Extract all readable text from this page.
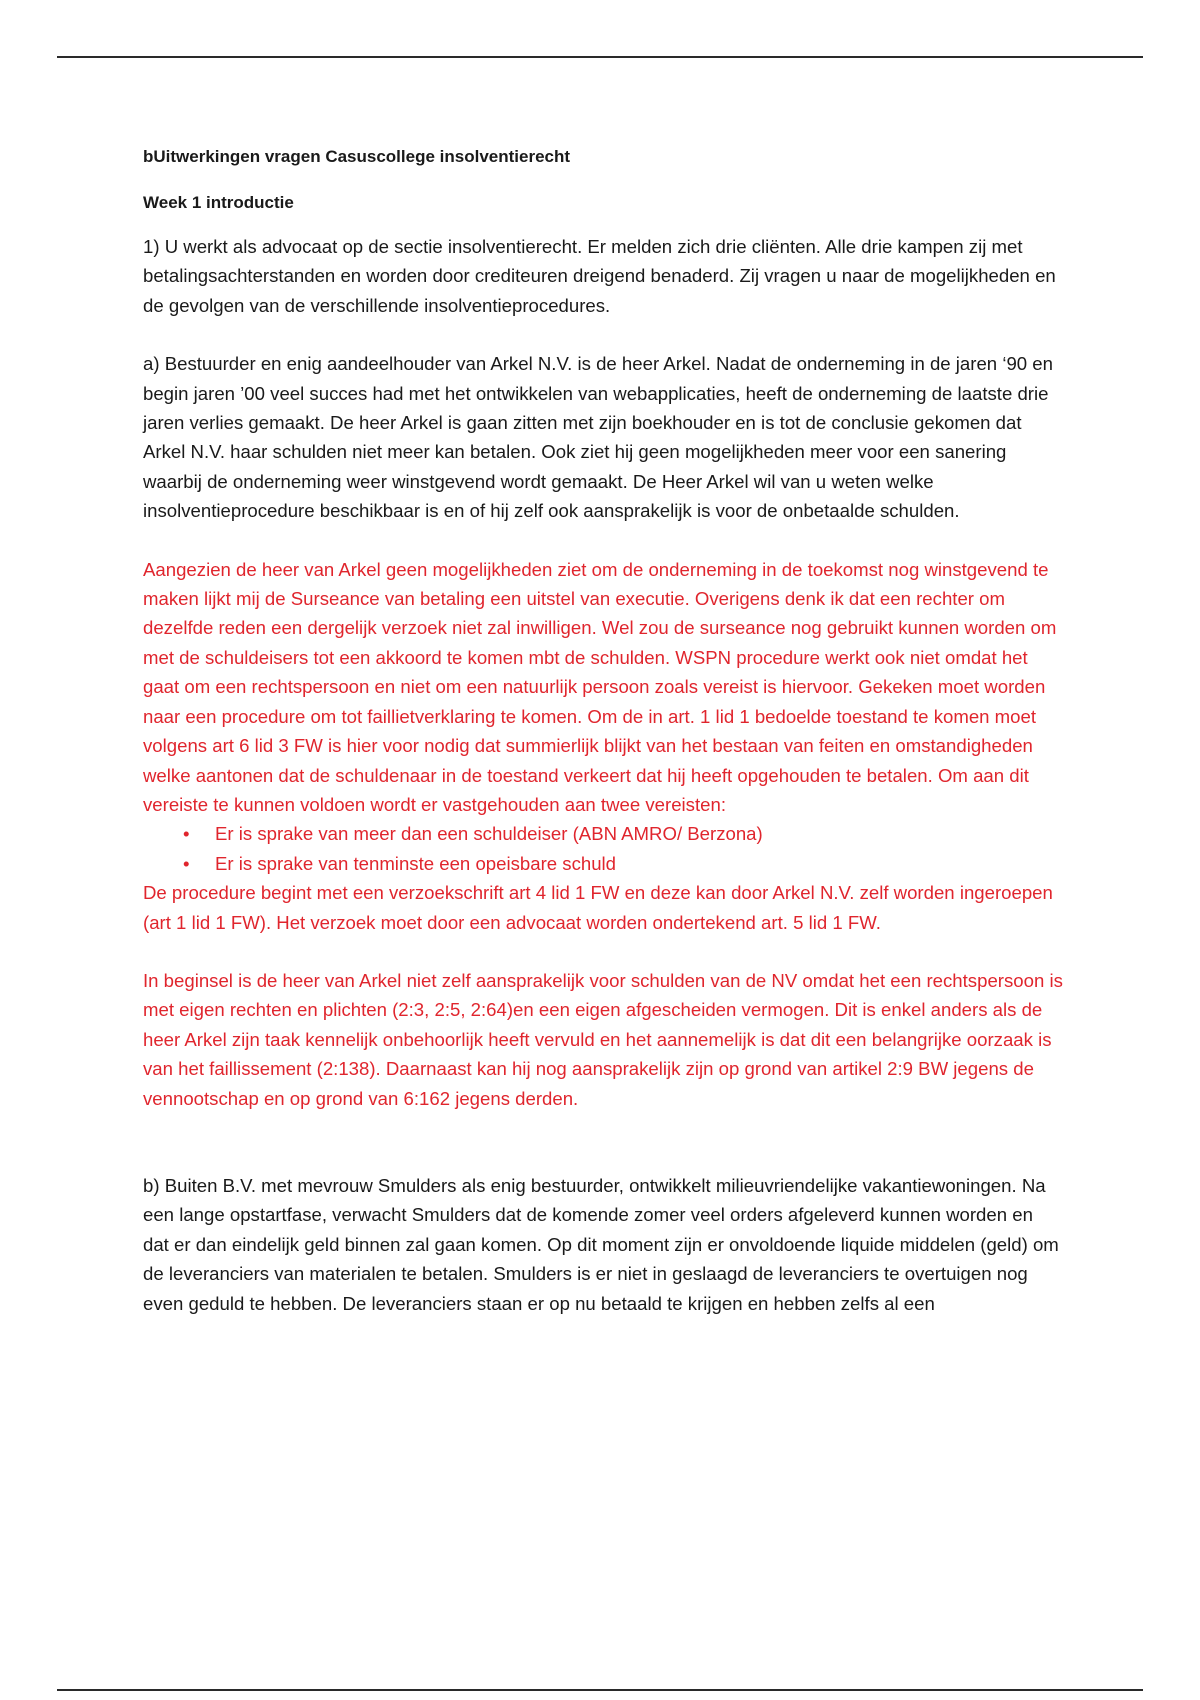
bUitwerkingen vragen Casuscollege insolventierecht

Week 1 introductie

1) U werkt als advocaat op de sectie insolventierecht. Er melden zich drie cliënten. Alle drie kampen zij met betalingsachterstanden en worden door crediteuren dreigend benaderd. Zij vragen u naar de mogelijkheden en de gevolgen van de verschillende insolventieprocedures.

a) Bestuurder en enig aandeelhouder van Arkel N.V. is de heer Arkel. Nadat de onderneming in de jaren ‘90 en begin jaren ’00 veel succes had met het ontwikkelen van webapplicaties, heeft de onderneming de laatste drie jaren verlies gemaakt. De heer Arkel is gaan zitten met zijn boekhouder en is tot de conclusie gekomen dat Arkel N.V. haar schulden niet meer kan betalen. Ook ziet hij geen mogelijkheden meer voor een sanering waarbij de onderneming weer winstgevend wordt gemaakt. De Heer Arkel wil van u weten welke insolventieprocedure beschikbaar is en of hij zelf ook aansprakelijk is voor de onbetaalde schulden.

Aangezien de heer van Arkel geen mogelijkheden ziet om de onderneming in de toekomst nog winstgevend te maken lijkt mij de Surseance van betaling een uitstel van executie. Overigens denk ik dat een rechter om dezelfde reden een dergelijk verzoek niet zal inwilligen. Wel zou de surseance nog gebruikt kunnen worden om met de schuldeisers tot een akkoord te komen mbt de schulden. WSPN procedure werkt ook niet omdat het gaat om een rechtspersoon en niet om een natuurlijk persoon zoals vereist is hiervoor. Gekeken moet worden naar een procedure om tot faillietverklaring te komen. Om de in art. 1 lid 1 bedoelde toestand te komen moet volgens art 6 lid 3 FW is hier voor nodig dat summierlijk blijkt van het bestaan van feiten en omstandigheden welke aantonen dat de schuldenaar in de toestand verkeert dat hij heeft opgehouden te betalen. Om aan dit vereiste te kunnen voldoen wordt er vastgehouden aan twee vereisten:

• Er is sprake van meer dan een schuldeiser (ABN AMRO/ Berzona)
• Er is sprake van tenminste een opeisbare schuld

De procedure begint met een verzoekschrift art 4 lid 1 FW en deze kan door Arkel N.V. zelf worden ingeroepen (art 1 lid 1 FW). Het verzoek moet door een advocaat worden ondertekend art. 5 lid 1 FW.

In beginsel is de heer van Arkel niet zelf aansprakelijk voor schulden van de NV omdat het een rechtspersoon is met eigen rechten en plichten (2:3, 2:5, 2:64)en een eigen afgescheiden vermogen. Dit is enkel anders als de heer Arkel zijn taak kennelijk onbehoorlijk heeft vervuld en het aannemelijk is dat dit een belangrijke oorzaak is van het faillissement (2:138). Daarnaast kan hij nog aansprakelijk zijn op grond van artikel 2:9 BW jegens de vennootschap en op grond van 6:162 jegens derden.

b) Buiten B.V. met mevrouw Smulders als enig bestuurder, ontwikkelt milieuvriendelijke vakantiewoningen. Na een lange opstartfase, verwacht Smulders dat de komende zomer veel orders afgeleverd kunnen worden en dat er dan eindelijk geld binnen zal gaan komen. Op dit moment zijn er onvoldoende liquide middelen (geld) om de leveranciers van materialen te betalen. Smulders is er niet in geslaagd de leveranciers te overtuigen nog even geduld te hebben. De leveranciers staan er op nu betaald te krijgen en hebben zelfs al een
